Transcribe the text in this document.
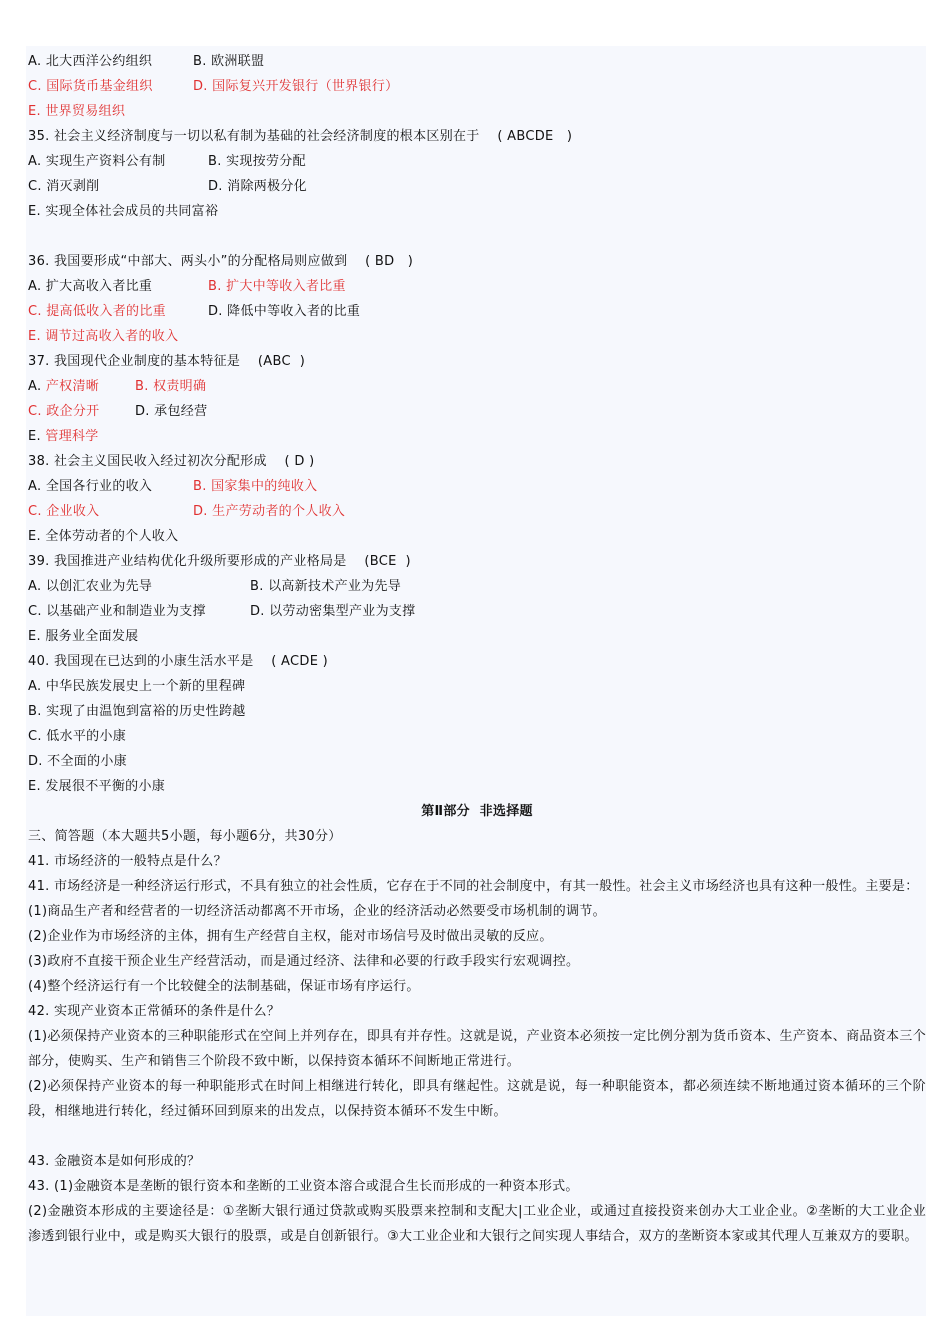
A. 北大西洋公约组织	B. 欧洲联盟
C. 国际货币基金组织	D. 国际复兴开发银行（世界银行）
E. 世界贸易组织
35. 社会主义经济制度与一切以私有制为基础的社会经济制度的根本区别在于    ( ABCDE   )
A. 实现生产资料公有制	B. 实现按劳分配
C. 消灭剥削	D. 消除两极分化
E. 实现全体社会成员的共同富裕
36. 我国要形成“中部大、两头小”的分配格局则应做到    ( BD   )
A. 扩大高收入者比重	B. 扩大中等收入者比重
C. 提高低收入者的比重	D. 降低中等收入者的比重
E. 调节过高收入者的收入
37. 我国现代企业制度的基本特征是    (ABC  )
A. 产权清晰	B. 权责明确
C. 政企分开	D. 承包经营
E. 管理科学
38. 社会主义国民收入经过初次分配形成    ( D )
A. 全国各行业的收入	B. 国家集中的纯收入
C. 企业收入	D. 生产劳动者的个人收入
E. 全体劳动者的个人收入
39. 我国推进产业结构优化升级所要形成的产业格局是    (BCE  )
A. 以创汇农业为先导	B. 以高新技术产业为先导
C. 以基础产业和制造业为支撑	D. 以劳动密集型产业为支撑
E. 服务业全面发展
40. 我国现在已达到的小康生活水平是    ( ACDE )
A. 中华民族发展史上一个新的里程碑
B. 实现了由温饱到富裕的历史性跨越
C. 低水平的小康
D. 不全面的小康
E. 发展很不平衡的小康
第Ⅱ部分  非选择题
三、简答题（本大题共5小题，每小题6分，共30分）
41. 市场经济的一般特点是什么？
41. 市场经济是一种经济运行形式，不具有独立的社会性质，它存在于不同的社会制度中，有其一般性。社会主义市场经济也具有这种一般性。主要是：
(1)商品生产者和经营者的一切经济活动都离不开市场，企业的经济活动必然要受市场机制的调节。
(2)企业作为市场经济的主体，拥有生产经营自主权，能对市场信号及时做出灵敏的反应。
(3)政府不直接干预企业生产经营活动，而是通过经济、法律和必要的行政手段实行宏观调控。
(4)整个经济运行有一个比较健全的法制基础，保证市场有序运行。
42. 实现产业资本正常循环的条件是什么？
(1)必须保持产业资本的三种职能形式在空间上并列存在，即具有并存性。这就是说，产业资本必须按一定比例分割为货币资本、生产资本、商品资本三个部分，使购买、生产和销售三个阶段不致中断，以保持资本循环不间断地正常进行。
(2)必须保持产业资本的每一种职能形式在时间上相继进行转化，即具有继起性。这就是说，每一种职能资本，都必须连续不断地通过资本循环的三个阶段，相继地进行转化，经过循环回到原来的出发点，以保持资本循环不发生中断。
43. 金融资本是如何形成的？
43. (1)金融资本是垄断的银行资本和垄断的工业资本溶合或混合生长而形成的一种资本形式。
(2)金融资本形成的主要途径是：①垄断大银行通过贷款或购买股票来控制和支配大|工业企业，或通过直接投资来创办大工业企业。②垄断的大工业企业渗透到银行业中，或是购买大银行的股票，或是自创新银行。③大工业企业和大银行之间实现人事结合，双方的垄断资本家或其代理人互兼双方的要职。
